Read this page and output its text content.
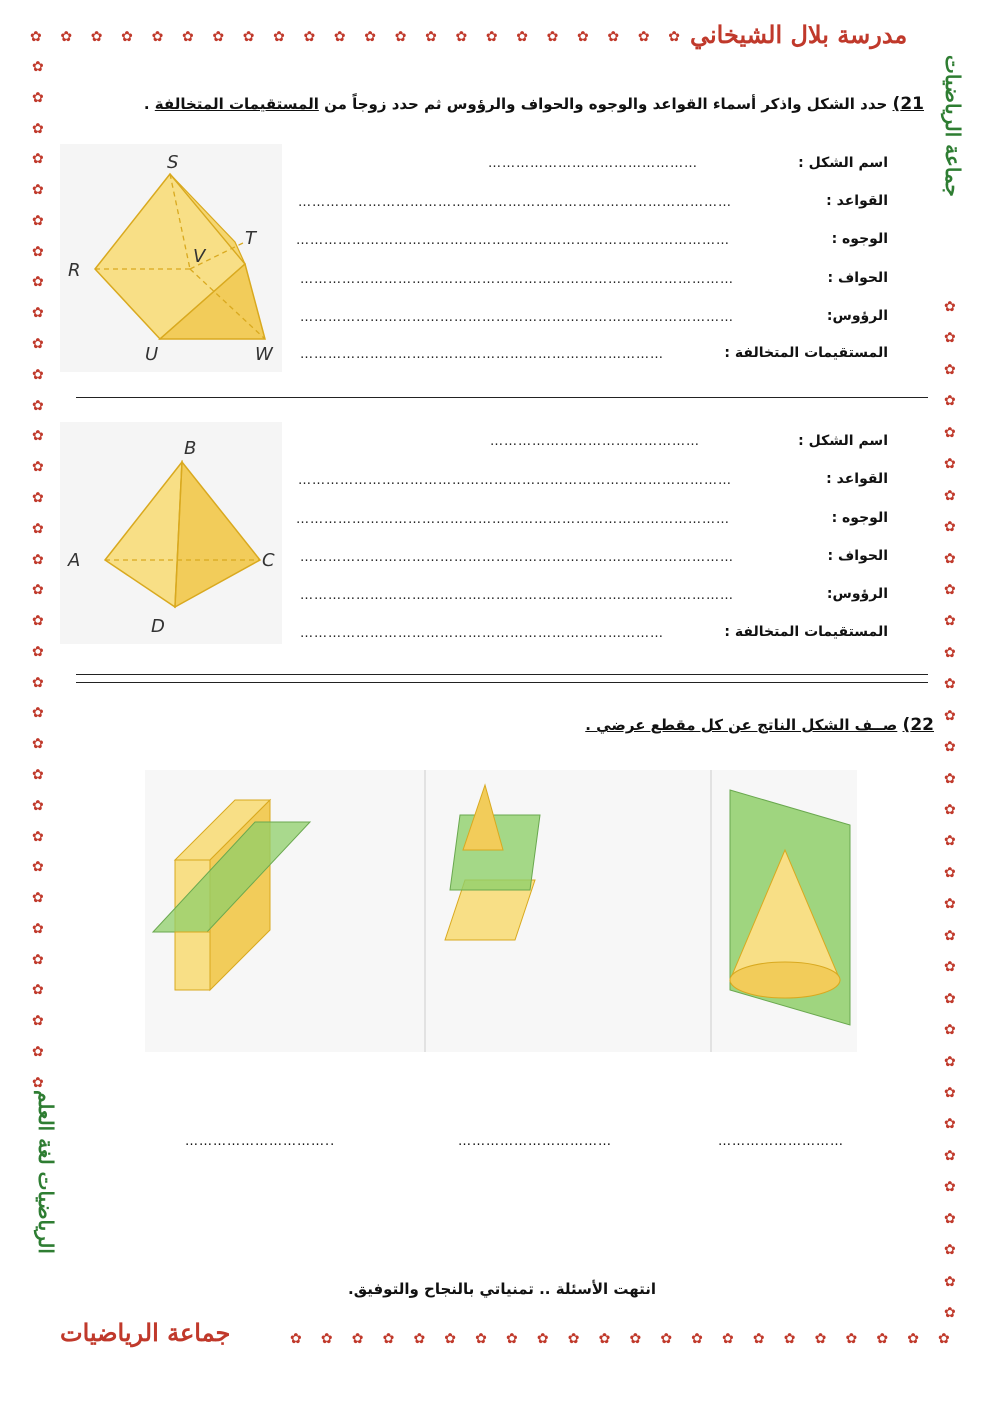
✿ ✿ ✿ ✿ ✿ ✿ ✿ ✿ ✿ ✿ ✿ ✿ ✿ ✿ ✿ ✿ ✿ ✿ ✿ ✿ ✿ ✿
✿ ✿ ✿ ✿ ✿ ✿ ✿ ✿ ✿ ✿ ✿ ✿ ✿ ✿ ✿ ✿ ✿ ✿ ✿ ✿ ✿ ✿
✿
✿
✿
✿
✿
✿
✿
✿
✿
✿
✿
✿
✿
✿
✿
✿
✿
✿
✿
✿
✿
✿
✿
✿
✿
✿
✿
✿
✿
✿
✿
✿
✿
✿
✿
✿
✿
✿
✿
✿
✿
✿
✿
✿
✿
✿
✿
✿
✿
✿
✿
✿
✿
✿
✿
✿
✿
✿
✿
✿
✿
✿
✿
✿
✿
✿
✿
مدرسة بلال الشيخاني
جماعة الرياضيات
الرياضيات لغة العلم
جماعة الرياضيات
21) حدد الشكل واذكر أسماء القواعد والوجوه والحواف والرؤوس ثم حدد زوجاً من المستقيمات المتخالفة .
S
T
V
R
U	W
اسم الشكل :
………………………………………
القواعد :
…………………………………………………………………………………
الوجوه :
…………………………………………………………………………………
الحواف :
…………………………………………………………………………………
الرؤوس:
…………………………………………………………………………………
المستقيمات المتخالفة :
……………………………………………………………………
B
A	C
D
اسم الشكل :
………………………………………
القواعد :
…………………………………………………………………………………
الوجوه :
…………………………………………………………………………………
الحواف :
…………………………………………………………………………………
الرؤوس:
…………………………………………………………………………………
المستقيمات المتخالفة :
……………………………………………………………………
22) صــف الشكل الناتج عن كل مقطع عرضي .
…………………………..	……………………………	………………………
انتهت الأسئلة .. تمنياتي بالنجاح والتوفيق.
